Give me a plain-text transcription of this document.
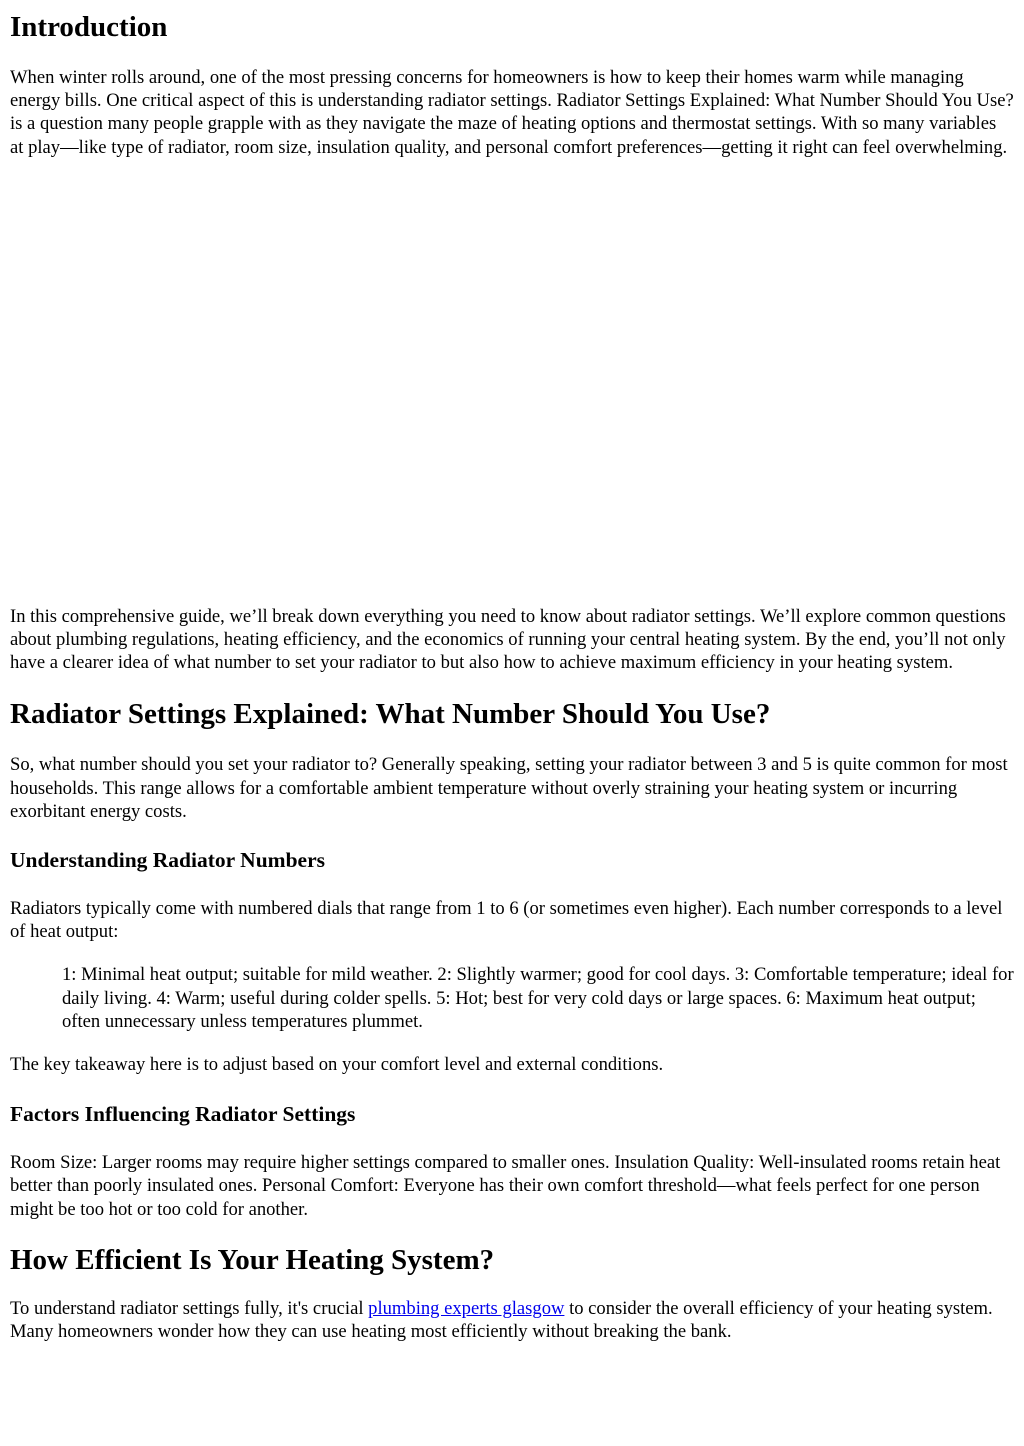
Introduction

When winter rolls around, one of the most pressing concerns for homeowners is how to keep their homes warm while managing energy bills. One critical aspect of this is understanding radiator settings. Radiator Settings Explained: What Number Should You Use? is a question many people grapple with as they navigate the maze of heating options and thermostat settings. With so many variables at play—like type of radiator, room size, insulation quality, and personal comfort preferences—getting it right can feel overwhelming.

In this comprehensive guide, we’ll break down everything you need to know about radiator settings. We’ll explore common questions about plumbing regulations, heating efficiency, and the economics of running your central heating system. By the end, you’ll not only have a clearer idea of what number to set your radiator to but also how to achieve maximum efficiency in your heating system.

Radiator Settings Explained: What Number Should You Use?

So, what number should you set your radiator to? Generally speaking, setting your radiator between 3 and 5 is quite common for most households. This range allows for a comfortable ambient temperature without overly straining your heating system or incurring exorbitant energy costs.

Understanding Radiator Numbers

Radiators typically come with numbered dials that range from 1 to 6 (or sometimes even higher). Each number corresponds to a level of heat output:

1: Minimal heat output; suitable for mild weather. 2: Slightly warmer; good for cool days. 3: Comfortable temperature; ideal for daily living. 4: Warm; useful during colder spells. 5: Hot; best for very cold days or large spaces. 6: Maximum heat output; often unnecessary unless temperatures plummet.

The key takeaway here is to adjust based on your comfort level and external conditions.

Factors Influencing Radiator Settings

Room Size: Larger rooms may require higher settings compared to smaller ones. Insulation Quality: Well-insulated rooms retain heat better than poorly insulated ones. Personal Comfort: Everyone has their own comfort threshold—what feels perfect for one person might be too hot or too cold for another.

How Efficient Is Your Heating System?

To understand radiator settings fully, it's crucial plumbing experts glasgow to consider the overall efficiency of your heating system. Many homeowners wonder how they can use heating most efficiently without breaking the bank.
